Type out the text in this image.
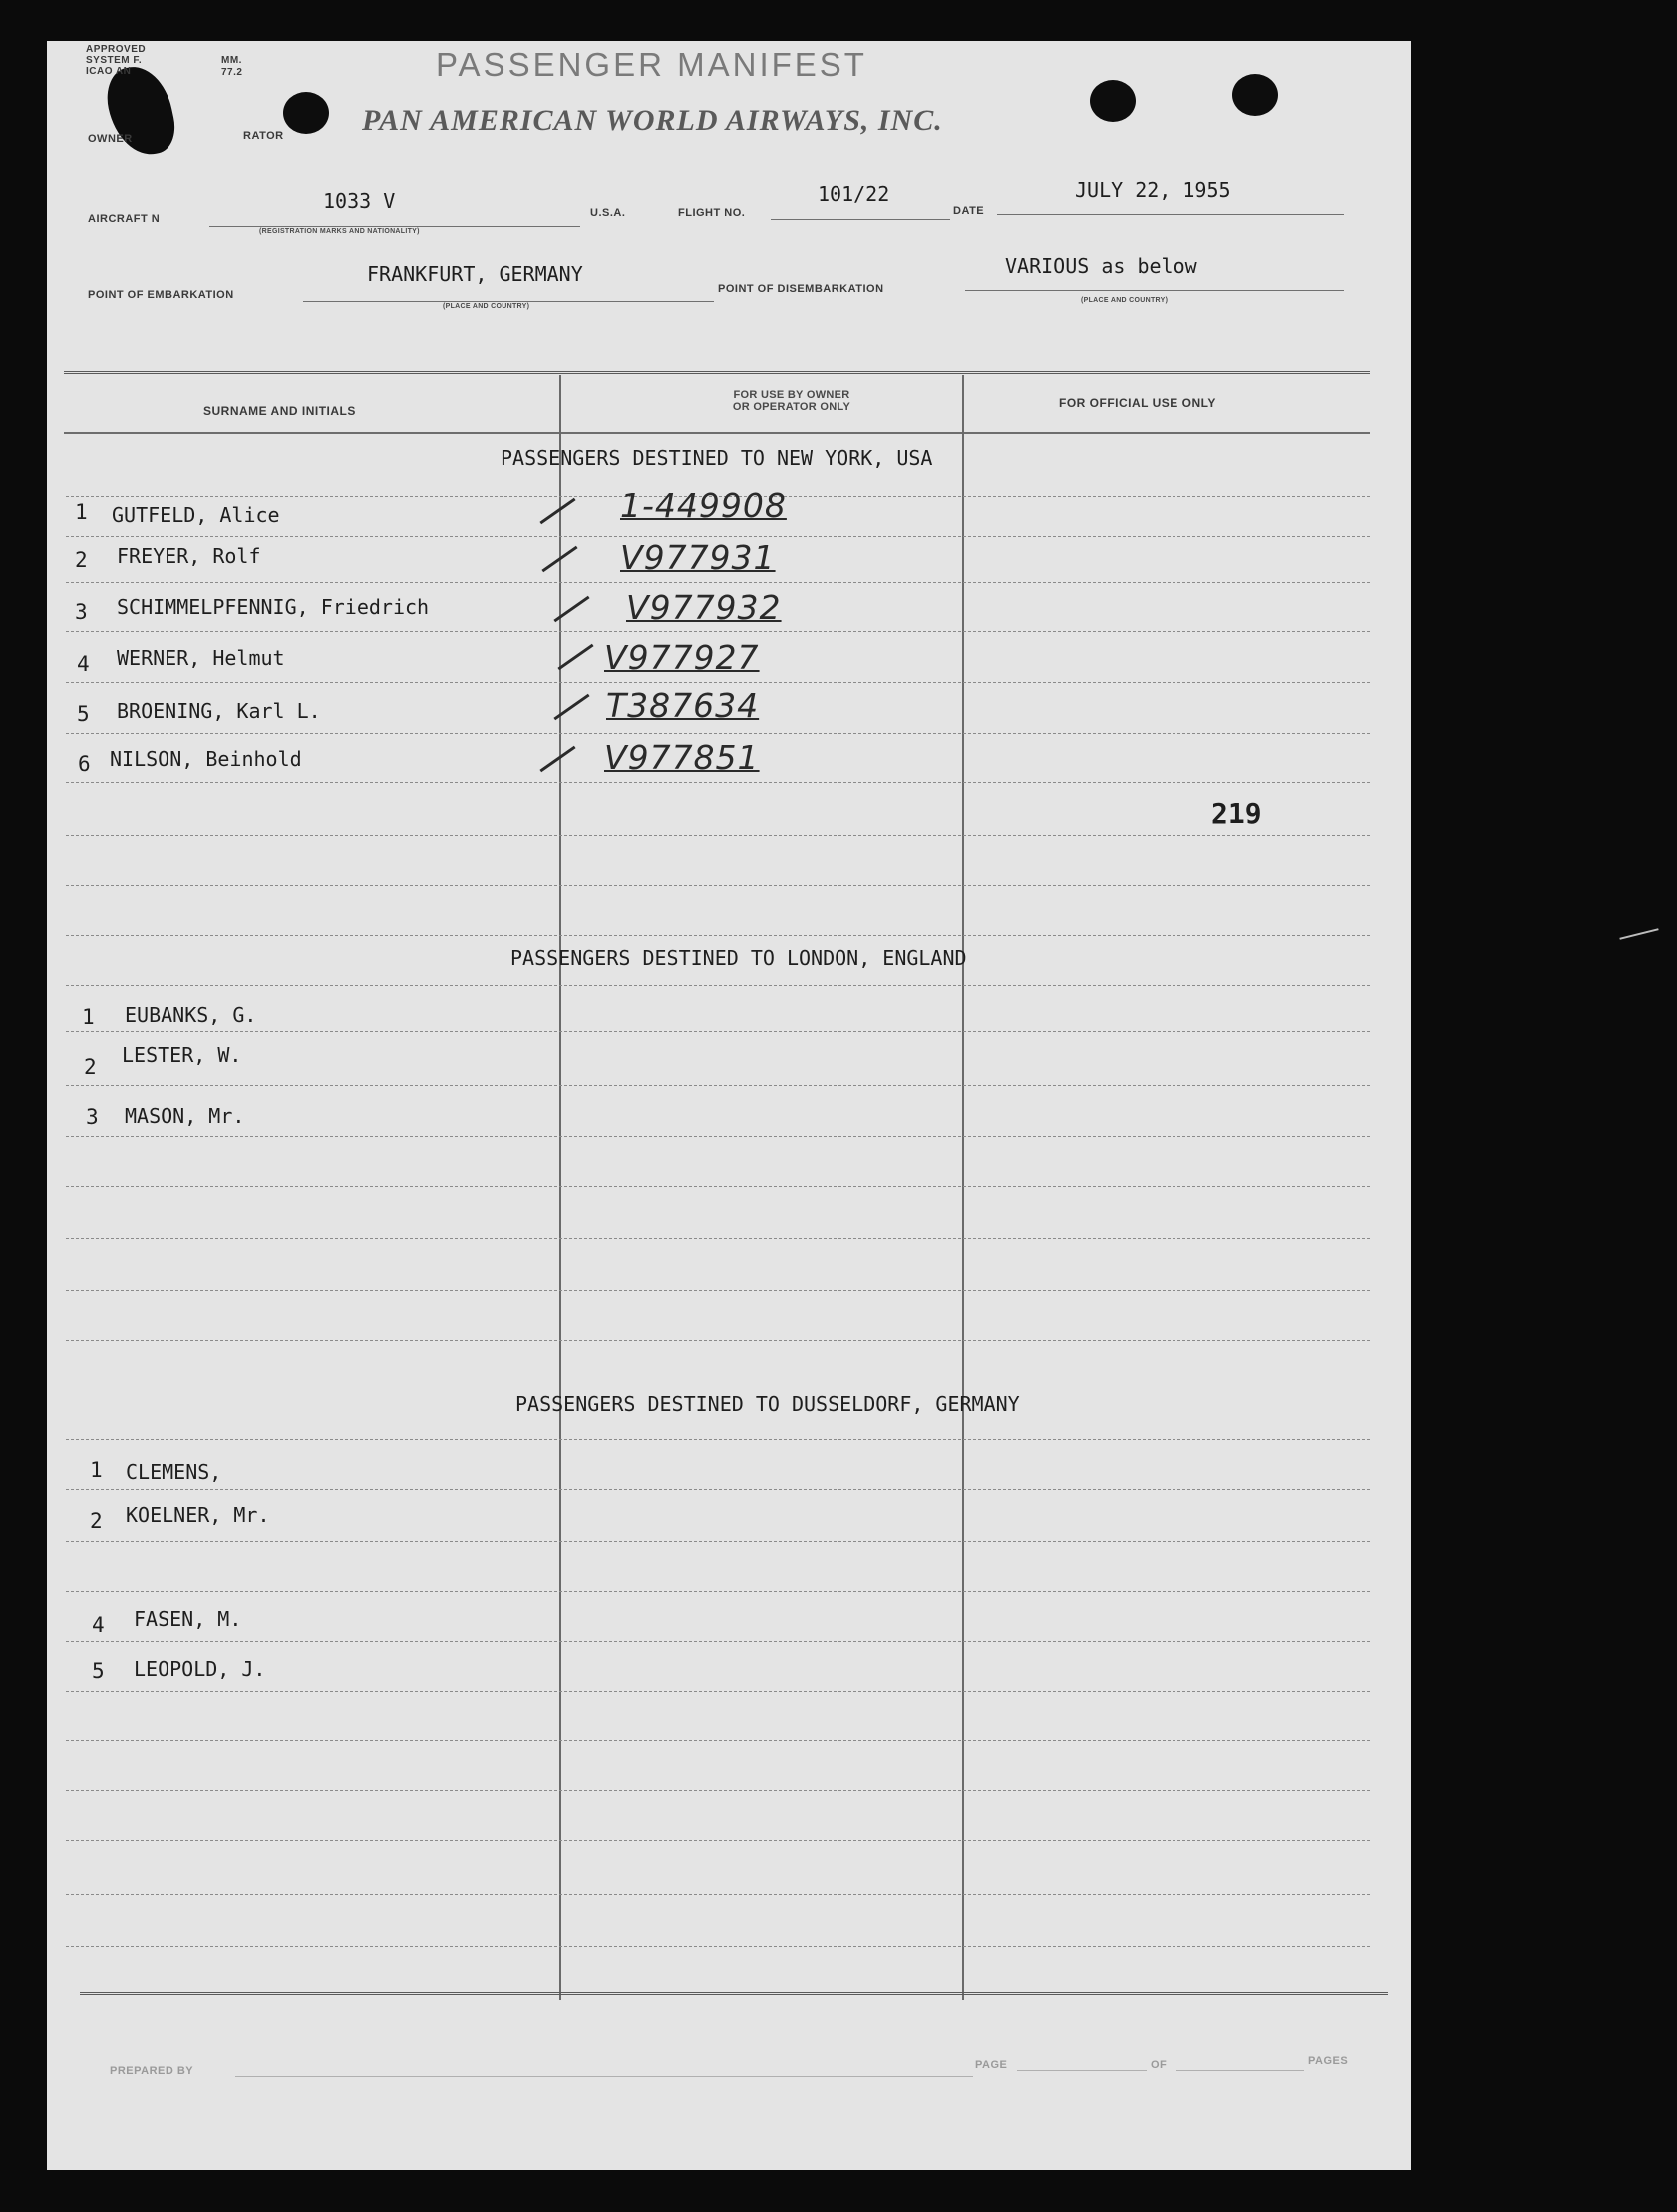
APPROVED
SYSTEM F.
ICAO AN
MM.
77.2	PASSENGER MANIFEST
PAN AMERICAN WORLD AIRWAYS, INC.
OWNER	RATOR
AIRCRAFT N
1033 V
(REGISTRATION MARKS AND NATIONALITY)
U.S.A.	FLIGHT NO.
101/22
DATE
JULY 22, 1955
POINT OF EMBARKATION
FRANKFURT, GERMANY
(PLACE AND COUNTRY)
POINT OF DISEMBARKATION
VARIOUS as below
(PLACE AND COUNTRY)
SURNAME AND INITIALS
FOR USE BY OWNER
OR OPERATOR ONLY	FOR OFFICIAL USE ONLY
PASSENGERS DESTINED TO NEW YORK, USA
1 GUTFELD, Alice	1-449908
2 FREYER, Rolf	V977931
3 SCHIMMELPFENNIG, Friedrich	V977932
4 WERNER, Helmut	V977927
5 BROENING, Karl L.	T387634
6 NILSON, Beinhold	V977851
219
PASSENGERS DESTINED TO LONDON, ENGLAND
1 EUBANKS, G.
2 LESTER, W.
3 MASON, Mr.
PASSENGERS DESTINED TO DUSSELDORF, GERMANY
1 CLEMENS,
2 KOELNER, Mr.
4 FASEN, M.
5 LEOPOLD, J.
PREPARED BY	PAGE	OF	PAGES
